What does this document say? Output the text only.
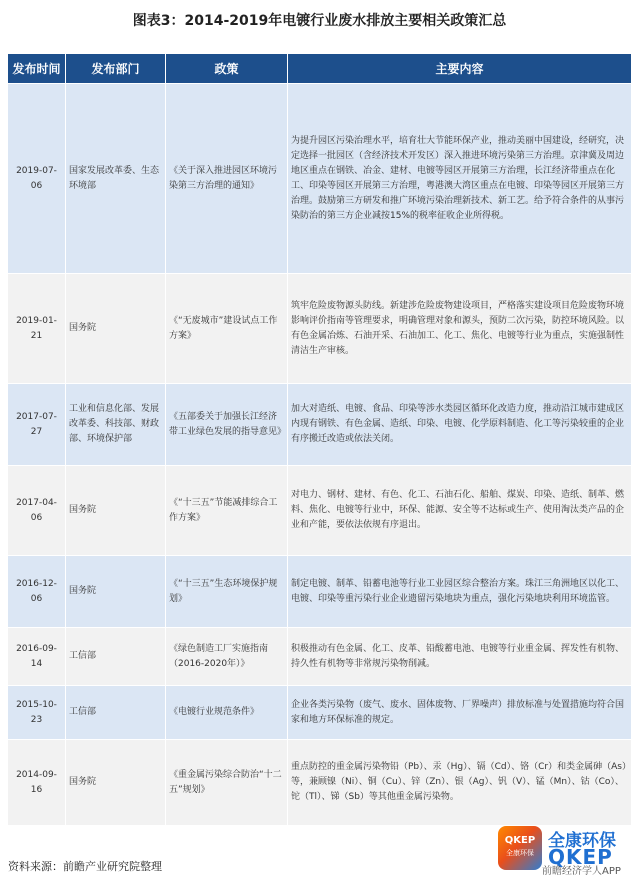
图表3：2014-2019年电镀行业废水排放主要相关政策汇总
发布时间	发布部门	政策	主要内容
2019-07-06	国家发展改革委、生态环境部	《关于深入推进园区环境污染第三方治理的通知》	为提升园区污染治理水平，培育壮大节能环保产业，推动美丽中国建设，经研究，决定选择一批园区（含经济技术开发区）深入推进环境污染第三方治理。京津冀及周边地区重点在钢铁、冶金、建材、电镀等园区开展第三方治理，长江经济带重点在化工、印染等园区开展第三方治理，粤港澳大湾区重点在电镀、印染等园区开展第三方治理。鼓励第三方研发和推广环境污染治理新技术、新工艺。给予符合条件的从事污染防治的第三方企业减按15%的税率征收企业所得税。
2019-01-21	国务院	《“无废城市”建设试点工作方案》	筑牢危险废物源头防线。新建涉危险废物建设项目，严格落实建设项目危险废物环境影响评价指南等管理要求，明确管理对象和源头，预防二次污染，防控环境风险。以有色金属冶炼、石油开采、石油加工、化工、焦化、电镀等行业为重点，实施强制性清洁生产审核。
2017-07-27	工业和信息化部、发展改革委、科技部、财政部、环境保护部	《五部委关于加强长江经济带工业绿色发展的指导意见》	加大对造纸、电镀、食品、印染等涉水类园区循环化改造力度，推动沿江城市建成区内现有钢铁、有色金属、造纸、印染、电镀、化学原料制造、化工等污染较重的企业有序搬迁改造或依法关闭。
2017-04-06	国务院	《“十三五”节能减排综合工作方案》	对电力、钢材、建材、有色、化工、石油石化、船舶、煤炭、印染、造纸、制革、燃料、焦化、电镀等行业中，环保、能源、安全等不达标或生产、使用淘汰类产品的企业和产能，要依法依规有序退出。
2016-12-06	国务院	《“十三五”生态环境保护规划》	制定电镀、制革、铅蓄电池等行业工业园区综合整治方案。珠江三角洲地区以化工、电镀、印染等重污染行业企业遗留污染地块为重点，强化污染地块利用环境监管。
2016-09-14	工信部	《绿色制造工厂实施指南（2016-2020年）》	积极推动有色金属、化工、皮革、铅酸蓄电池、电镀等行业重金属、挥发性有机物、持久性有机物等非常规污染物削减。
2015-10-23	工信部	《电镀行业规范条件》	企业各类污染物（废气、废水、固体废物、厂界噪声）排放标准与处置措施均符合国家和地方环保标准的规定。
2014-09-16	国务院	《重金属污染综合防治“十二五”规划》	重点防控的重金属污染物铅（Pb）、汞（Hg）、镉（Cd）、铬（Cr）和类金属砷（As）等，兼顾镍（Ni）、铜（Cu）、锌（Zn）、银（Ag）、钒（V）、锰（Mn）、钴（Co）、铊（Tl）、锑（Sb）等其他重金属污染物。
资料来源：前瞻产业研究院整理
QKEP
全康环保
全康环保
QKEP
前瞻经济学人APP
